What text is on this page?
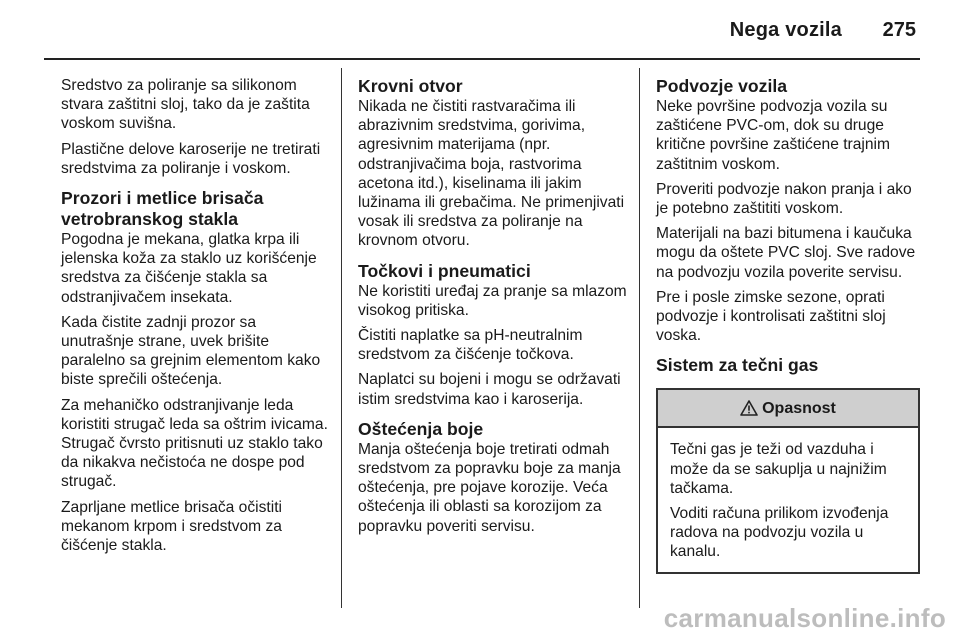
Nega vozila 275

Sredstvo za poliranje sa silikonom stvara zaštitni sloj, tako da je zaštita voskom suvišna.

Plastične delove karoserije ne tretirati sredstvima za poliranje i voskom.

Prozori i metlice brisača vetrobranskog stakla

Pogodna je mekana, glatka krpa ili jelenska koža za staklo uz korišćenje sredstva za čišćenje stakla sa odstranjivačem insekata.

Kada čistite zadnji prozor sa unutrašnje strane, uvek brišite paralelno sa grejnim elementom kako biste sprečili oštećenja.

Za mehaničko odstranjivanje leda koristiti strugač leda sa oštrim ivicama. Strugač čvrsto pritisnuti uz staklo tako da nikakva nečistoća ne dospe pod strugač.

Zaprljane metlice brisača očistiti mekanom krpom i sredstvom za čišćenje stakla.

Krovni otvor

Nikada ne čistiti rastvaračima ili abrazivnim sredstvima, gorivima, agresivnim materijama (npr. odstranjivačima boja, rastvorima acetona itd.), kiselinama ili jakim lužinama ili grebačima. Ne primenjivati vosak ili sredstva za poliranje na krovnom otvoru.

Točkovi i pneumatici

Ne koristiti uređaj za pranje sa mlazom visokog pritiska.

Čistiti naplatke sa pH-neutralnim sredstvom za čišćenje točkova.

Naplatci su bojeni i mogu se održavati istim sredstvima kao i karoserija.

Oštećenja boje

Manja oštećenja boje tretirati odmah sredstvom za popravku boje za manja oštećenja, pre pojave korozije. Veća oštećenja ili oblasti sa korozijom za popravku poveriti servisu.

Podvozje vozila

Neke površine podvozja vozila su zaštićene PVC-om, dok su druge kritične površine zaštićene trajnim zaštitnim voskom.

Proveriti podvozje nakon pranja i ako je potebno zaštititi voskom.

Materijali na bazi bitumena i kaučuka mogu da oštete PVC sloj. Sve radove na podvozju vozila poverite servisu.

Pre i posle zimske sezone, oprati podvozje i kontrolisati zaštitni sloj voska.

Sistem za tečni gas
Opasnost

Tečni gas je teži od vazduha i može da se sakuplja u najnižim tačkama.

Voditi računa prilikom izvođenja radova na podvozju vozila u kanalu.

carmanualsonline.info
